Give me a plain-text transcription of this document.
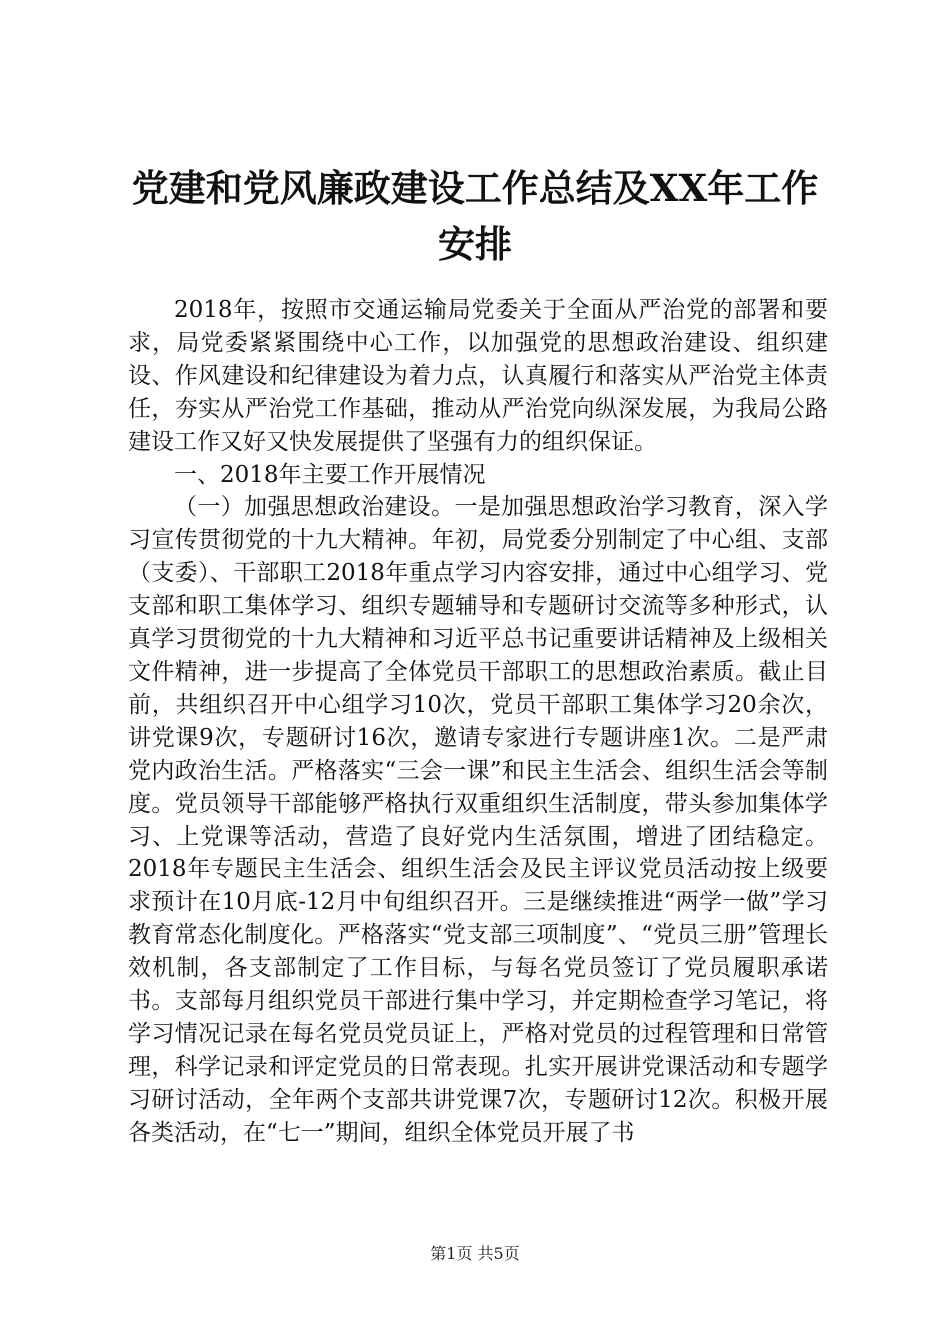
党建和党风廉政建设工作总结及XX年工作安排

2018年，按照市交通运输局党委关于全面从严治党的部署和要求，局党委紧紧围绕中心工作，以加强党的思想政治建设、组织建设、作风建设和纪律建设为着力点，认真履行和落实从严治党主体责任，夯实从严治党工作基础，推动从严治党向纵深发展，为我局公路建设工作又好又快发展提供了坚强有力的组织保证。

一、2018年主要工作开展情况

（一）加强思想政治建设。一是加强思想政治学习教育，深入学习宣传贯彻党的十九大精神。年初，局党委分别制定了中心组、支部（支委）、干部职工2018年重点学习内容安排，通过中心组学习、党支部和职工集体学习、组织专题辅导和专题研讨交流等多种形式，认真学习贯彻党的十九大精神和习近平总书记重要讲话精神及上级相关文件精神，进一步提高了全体党员干部职工的思想政治素质。截止目前，共组织召开中心组学习10次，党员干部职工集体学习20余次，讲党课9次，专题研讨16次，邀请专家进行专题讲座1次。二是严肃党内政治生活。严格落实“三会一课”和民主生活会、组织生活会等制度。党员领导干部能够严格执行双重组织生活制度，带头参加集体学习、上党课等活动，营造了良好党内生活氛围，增进了团结稳定。2018年专题民主生活会、组织生活会及民主评议党员活动按上级要求预计在10月底-12月中旬组织召开。三是继续推进“两学一做”学习教育常态化制度化。严格落实“党支部三项制度”、“党员三册”管理长效机制，各支部制定了工作目标，与每名党员签订了党员履职承诺书。支部每月组织党员干部进行集中学习，并定期检查学习笔记，将学习情况记录在每名党员党员证上，严格对党员的过程管理和日常管理，科学记录和评定党员的日常表现。扎实开展讲党课活动和专题学习研讨活动，全年两个支部共讲党课7次，专题研讨12次。积极开展各类活动，在“七一”期间，组织全体党员开展了书

第1页 共5页
